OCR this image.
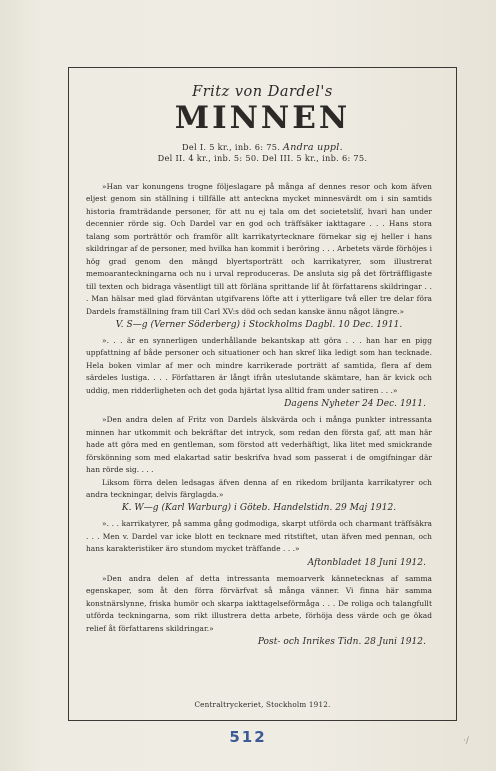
Fritz von Dardel's
MINNEN
Del I. 5 kr., inb. 6: 75. Andra uppl.
Del II. 4 kr., inb. 5: 50. Del III. 5 kr., inb. 6: 75.

»Han var konungens trogne följeslagare på många af dennes resor och kom äfven eljest genom sin ställning i tillfälle att anteckna mycket minnesvärdt om i sin samtids historia framträdande personer, för att nu ej tala om det societetslif, hvari han under decennier rörde sig. Och Dardel var en god och träffsäker iakttagare . . . Hans stora talang som porträttör och framför allt karrikatyrtecknare förnekar sig ej heller i hans skildringar af de personer, med hvilka han kommit i beröring . . . Arbetets värde förhöjes i hög grad genom den mängd blyertsporträtt och karrikatyrer, som illustrerat memoaranteckningarna och nu i urval reproduceras. De ansluta sig på det förträffligaste till texten och bidraga väsentligt till att förläna sprittande lif åt författarens skildringar . . . Man hälsar med glad förväntan utgifvarens löfte att i ytterligare två eller tre delar föra Dardels framställning fram till Carl XV:s död och sedan kanske ännu något längre.»

V. S—g (Verner Söderberg) i Stockholms Dagbl. 10 Dec. 1911.

». . . är en synnerligen underhållande bekantskap att göra . . . han har en pigg uppfattning af både personer och situationer och han skref lika ledigt som han tecknade. Hela boken vimlar af mer och mindre karrikerade porträtt af samtida, flera af dem särdeles lustiga. . . . Författaren är långt ifrån uteslutande skämtare, han är kvick och uddig, men ridderligheten och det goda hjärtat lysa alltid fram under satiren . . .»

Dagens Nyheter 24 Dec. 1911.

»Den andra delen af Fritz von Dardels älskvärda och i många punkter intressanta minnen har utkommit och bekräftar det intryck, som redan den första gaf, att man här hade att göra med en gentleman, som förstod att vederhäftigt, lika litet med smickrande förskönning som med elakartad satir beskrifva hvad som passerat i de omgifningar där han rörde sig. . . .

Liksom förra delen ledsagas äfven denna af en rikedom briljanta karrikatyrer och andra teckningar, delvis färglagda.»

K. W—g (Karl Warburg) i Göteb. Handelstidn. 29 Maj 1912.

». . . karrikatyrer, på samma gång godmodiga, skarpt utförda och charmant träffsäkra . . . Men v. Dardel var icke blott en tecknare med ritstiftet, utan äfven med pennan, och hans karakteristiker äro stundom mycket träffande . . .»

Aftonbladet 18 Juni 1912.

»Den andra delen af detta intressanta memoarverk kännetecknas af samma egenskaper, som åt den förra förvärfvat så många vänner. Vi finna här samma konstnärslynne, friska humör och skarpa iakttagelseförmåga . . . De roliga och talangfullt utförda teckningarna, som rikt illustrera detta arbete, förhöja dess värde och ge ökad relief åt författarens skildringar.»

Post- och Inrikes Tidn. 28 Juni 1912.
Centraltryckeriet, Stockholm 1912.
512	·/
